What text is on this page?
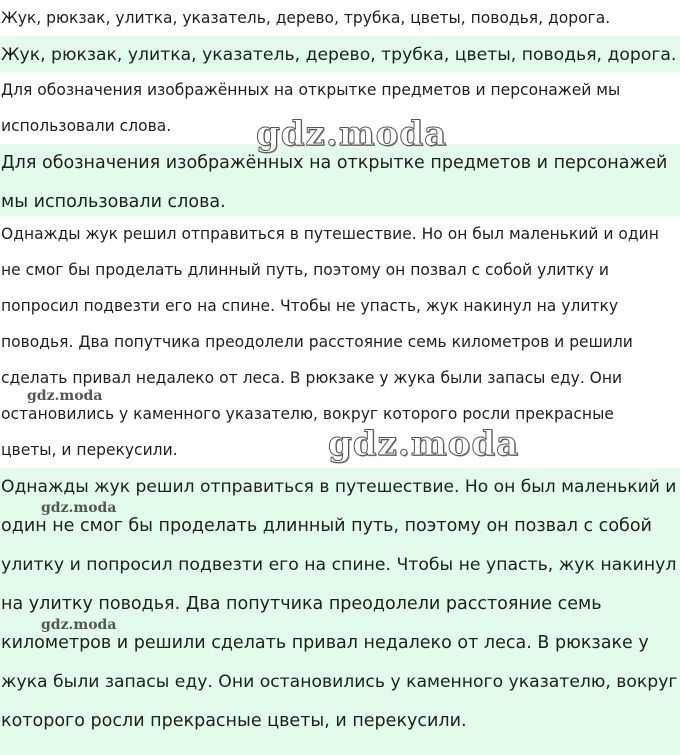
Жук, рюкзак, улитка, указатель, дерево, трубка, цветы, поводья, дорога.

Жук, рюкзак, улитка, указатель, дерево, трубка, цветы, поводья, дорога.

Для обозначения изображённых на открытке предметов и персонажей мы

использовали слова.

Для обозначения изображённых на открытке предметов и персонажей

мы использовали слова.

Однажды жук решил отправиться в путешествие. Но он был маленький и один

не смог бы проделать длинный путь, поэтому он позвал с собой улитку и

попросил подвезти его на спине. Чтобы не упасть, жук накинул на улитку

поводья. Два попутчика преодолели расстояние семь километров и решили

сделать привал недалеко от леса. В рюкзаке у жука были запасы еду. Они

остановились у каменного указателю, вокруг которого росли прекрасные

цветы, и перекусили.

Однажды жук решил отправиться в путешествие. Но он был маленький и

один не смог бы проделать длинный путь, поэтому он позвал с собой

улитку и попросил подвезти его на спине. Чтобы не упасть, жук накинул

на улитку поводья. Два попутчика преодолели расстояние семь

километров и решили сделать привал недалеко от леса. В рюкзаке у

жука были запасы еду. Они остановились у каменного указателю, вокруг

которого росли прекрасные цветы, и перекусили.

gdz.moda
gdz.moda
gdz.moda
gdz.moda
gdz.moda
